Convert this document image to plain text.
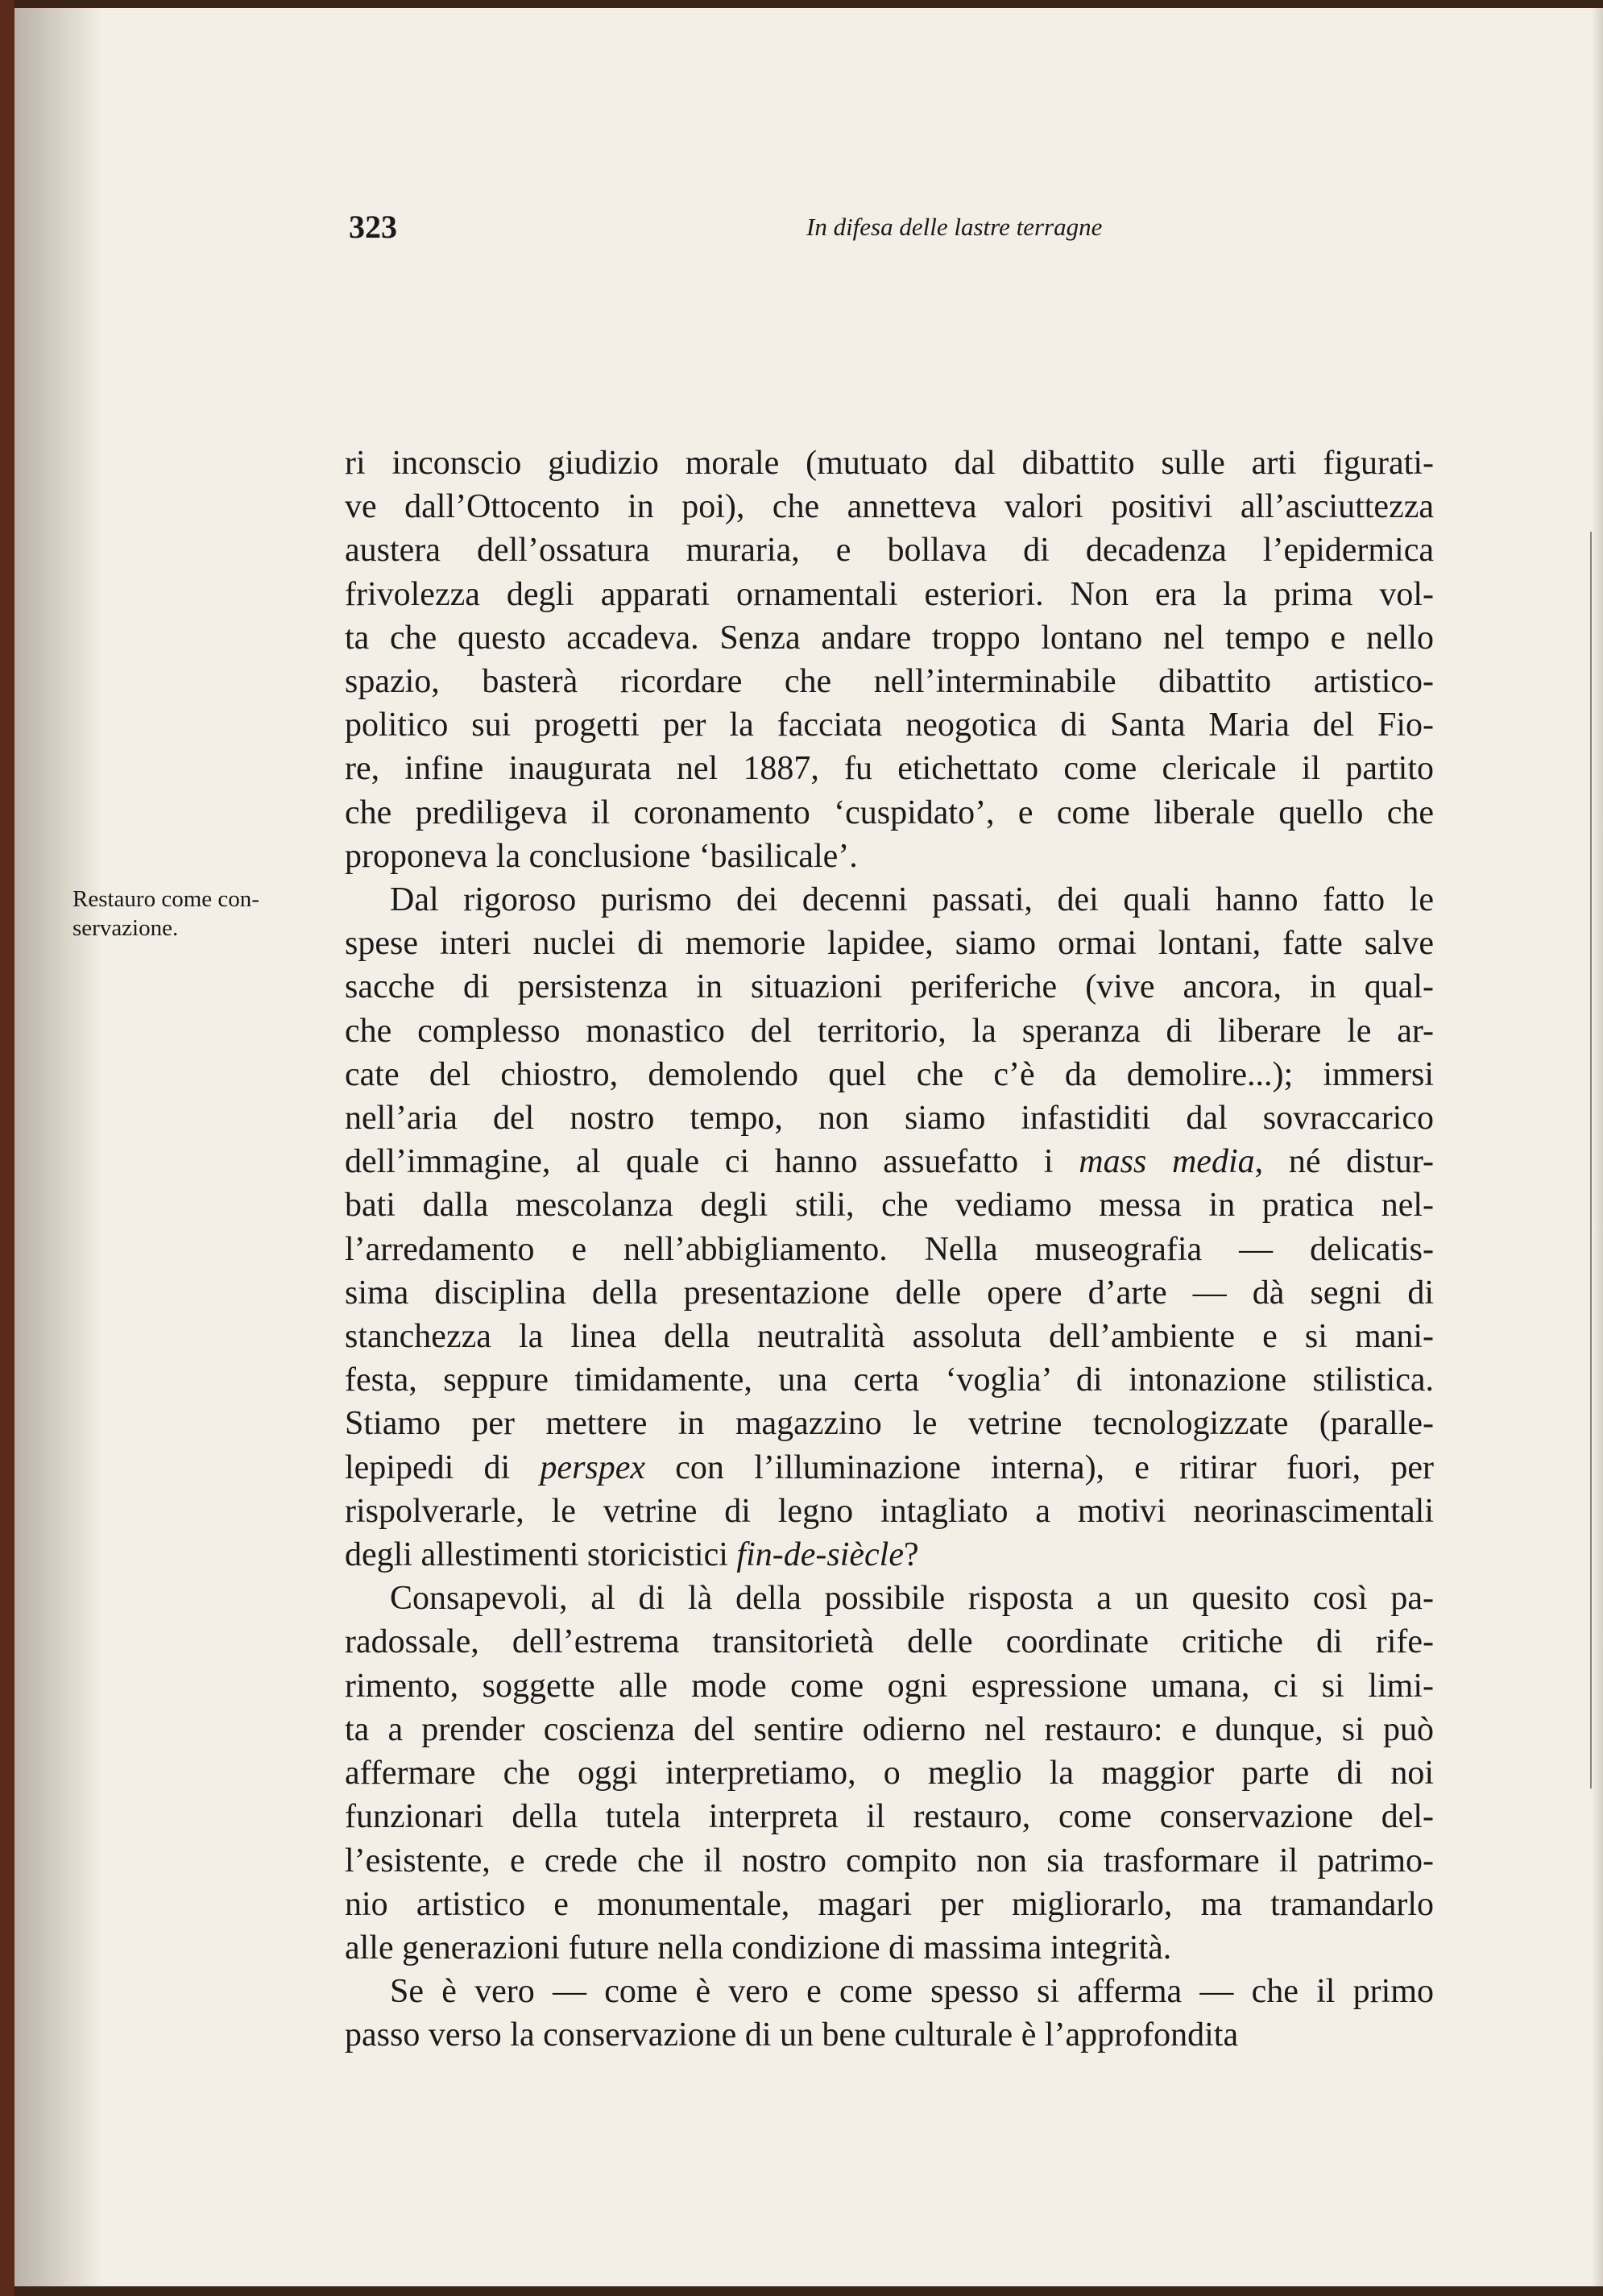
323	In difesa delle lastre terragne
Restauro come con-
servazione.
ri inconscio giudizio morale (mutuato dal dibattito sulle arti figurati-
ve dall’Ottocento in poi), che annetteva valori positivi all’asciuttezza
austera dell’ossatura muraria, e bollava di decadenza l’epidermica
frivolezza degli apparati ornamentali esteriori. Non era la prima vol-
ta che questo accadeva. Senza andare troppo lontano nel tempo e nello
spazio, basterà ricordare che nell’interminabile dibattito artistico-
politico sui progetti per la facciata neogotica di Santa Maria del Fio-
re, infine inaugurata nel 1887, fu etichettato come clericale il partito
che prediligeva il coronamento ‘cuspidato’, e come liberale quello che
proponeva la conclusione ‘basilicale’.
Dal rigoroso purismo dei decenni passati, dei quali hanno fatto le
spese interi nuclei di memorie lapidee, siamo ormai lontani, fatte salve
sacche di persistenza in situazioni periferiche (vive ancora, in qual-
che complesso monastico del territorio, la speranza di liberare le ar-
cate del chiostro, demolendo quel che c’è da demolire...); immersi
nell’aria del nostro tempo, non siamo infastiditi dal sovraccarico
dell’immagine, al quale ci hanno assuefatto i mass media, né distur-
bati dalla mescolanza degli stili, che vediamo messa in pratica nel-
l’arredamento e nell’abbigliamento. Nella museografia — delicatis-
sima disciplina della presentazione delle opere d’arte — dà segni di
stanchezza la linea della neutralità assoluta dell’ambiente e si mani-
festa, seppure timidamente, una certa ‘voglia’ di intonazione stilistica.
Stiamo per mettere in magazzino le vetrine tecnologizzate (paralle-
lepipedi di perspex con l’illuminazione interna), e ritirar fuori, per
rispolverarle, le vetrine di legno intagliato a motivi neorinascimentali
degli allestimenti storicistici fin-de-siècle?
Consapevoli, al di là della possibile risposta a un quesito così pa-
radossale, dell’estrema transitorietà delle coordinate critiche di rife-
rimento, soggette alle mode come ogni espressione umana, ci si limi-
ta a prender coscienza del sentire odierno nel restauro: e dunque, si può
affermare che oggi interpretiamo, o meglio la maggior parte di noi
funzionari della tutela interpreta il restauro, come conservazione del-
l’esistente, e crede che il nostro compito non sia trasformare il patrimo-
nio artistico e monumentale, magari per migliorarlo, ma tramandarlo
alle generazioni future nella condizione di massima integrità.
Se è vero — come è vero e come spesso si afferma — che il primo
passo verso la conservazione di un bene culturale è l’approfondita
